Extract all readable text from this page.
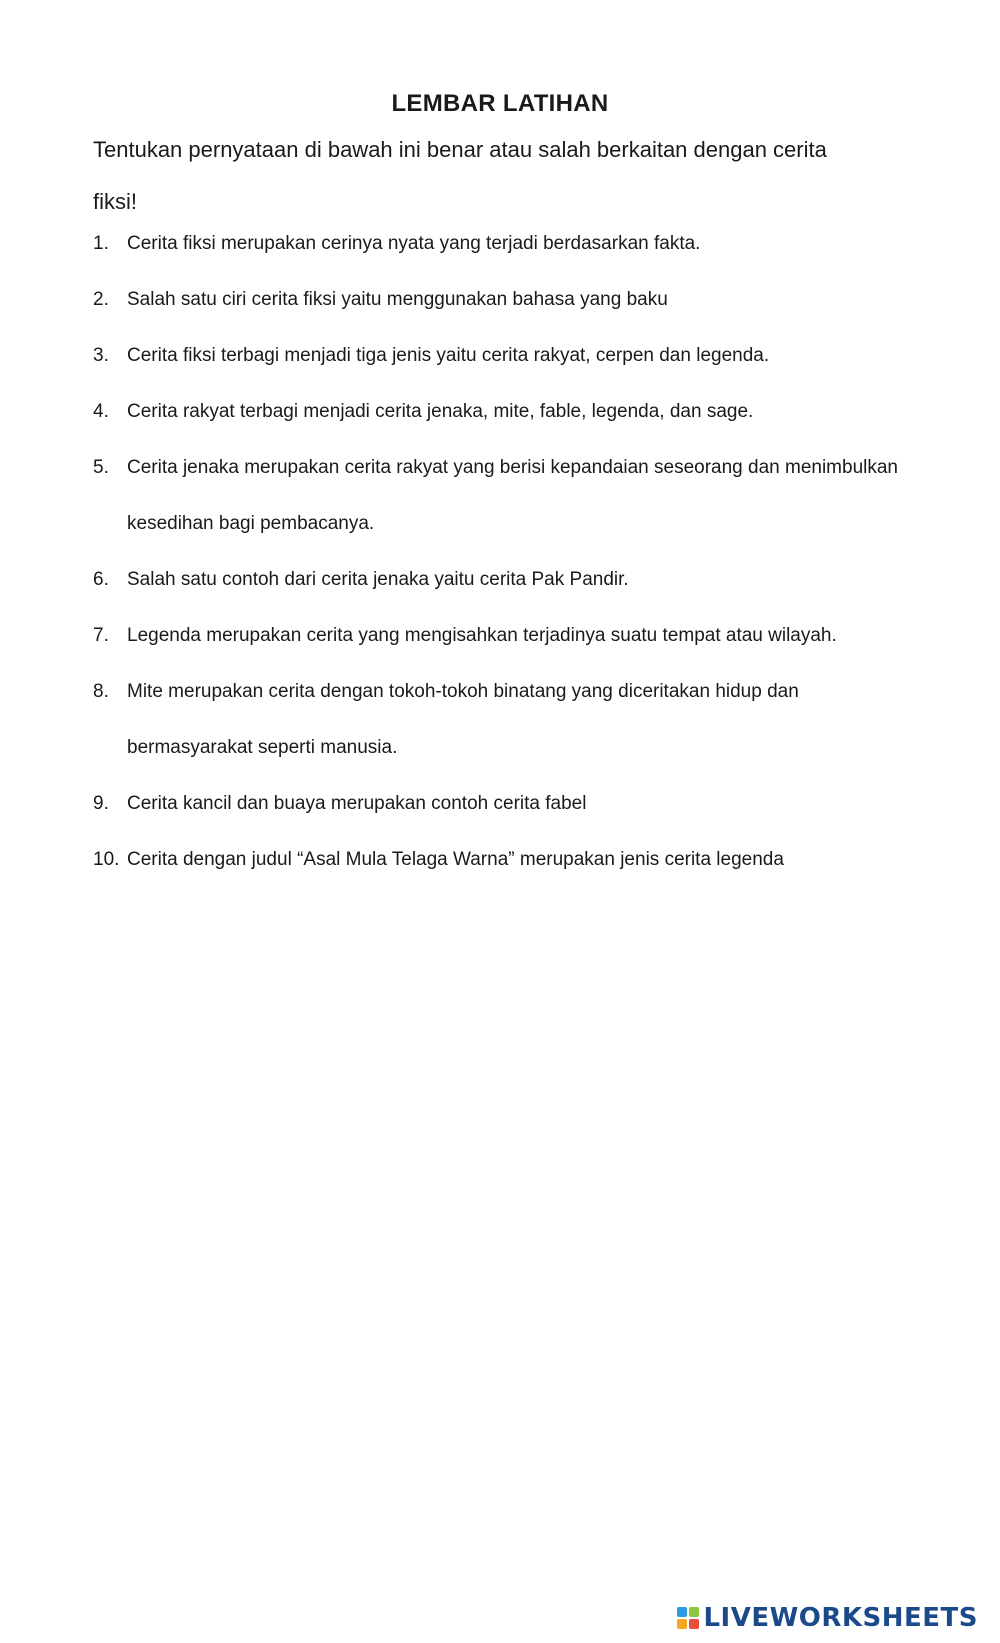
LEMBAR LATIHAN

Tentukan pernyataan di bawah ini benar atau salah berkaitan dengan cerita fiksi!

1. Cerita fiksi merupakan cerinya nyata yang terjadi berdasarkan fakta.
2. Salah satu ciri cerita fiksi yaitu menggunakan bahasa yang baku
3. Cerita fiksi terbagi menjadi tiga jenis yaitu cerita rakyat, cerpen dan legenda.
4. Cerita rakyat terbagi menjadi cerita jenaka, mite, fable, legenda, dan sage.
5. Cerita jenaka merupakan cerita rakyat yang berisi kepandaian seseorang dan menimbulkan kesedihan bagi pembacanya.
6. Salah satu contoh dari cerita jenaka yaitu cerita Pak Pandir.
7. Legenda merupakan cerita yang mengisahkan terjadinya suatu tempat atau wilayah.
8. Mite merupakan cerita dengan tokoh-tokoh binatang yang diceritakan hidup dan bermasyarakat seperti manusia.
9. Cerita kancil dan buaya merupakan contoh cerita fabel
10. Cerita dengan judul “Asal Mula Telaga Warna” merupakan jenis cerita legenda
LIVEWORKSHEETS
